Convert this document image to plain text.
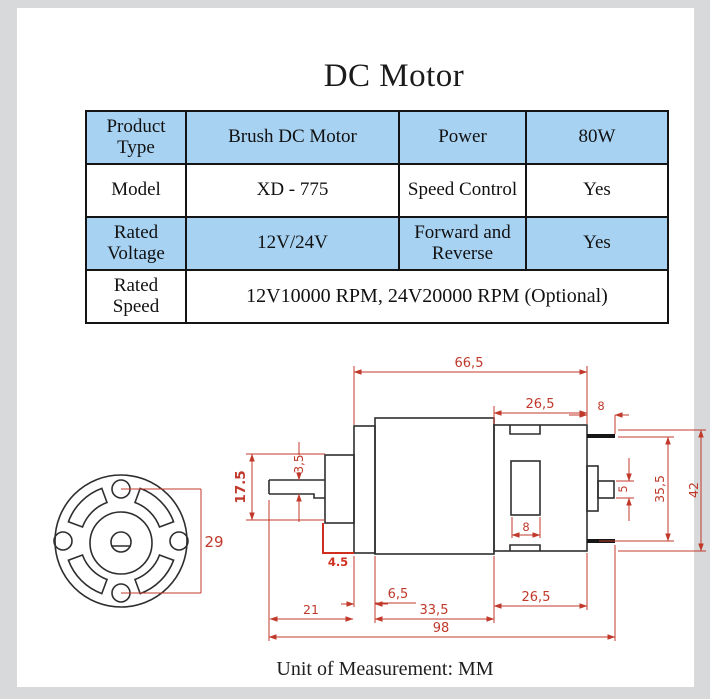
DC Motor
Product Type	Brush DC Motor	Power	80W
Model	XD - 775	Speed Control	Yes
Rated Voltage	12V/24V	Forward and Reverse	Yes
Rated Speed	12V10000 RPM, 24V20000 RPM (Optional)		
66,5
26,5	8
3,5
17.5
29
4.5
6,5
21	33,5
26,5
98
8
5 35,5 42
Unit of Measurement: MM
